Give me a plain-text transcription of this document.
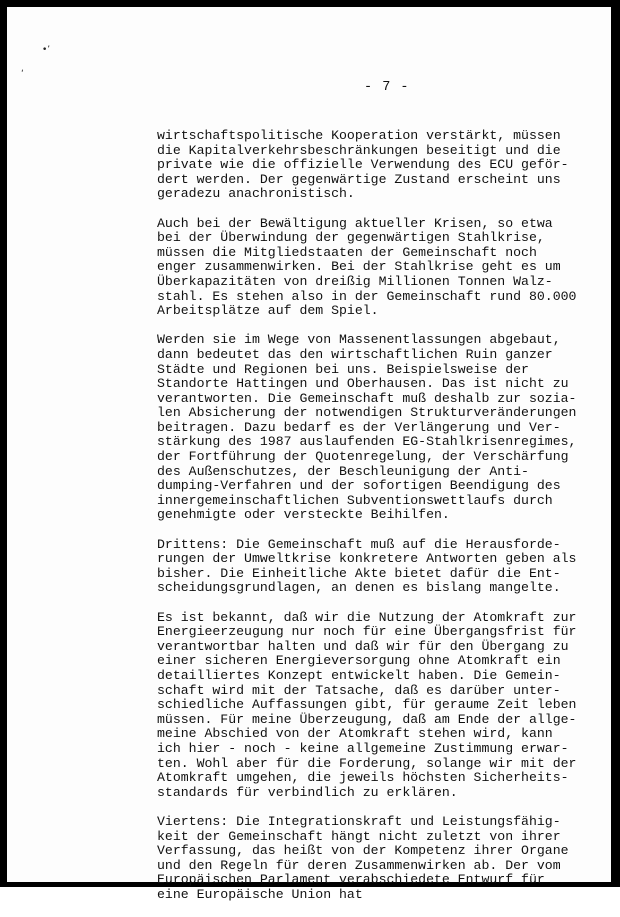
•’
‘
- 7 -
wirtschaftspolitische Kooperation verstärkt, müssen
die Kapitalverkehrsbeschränkungen beseitigt und die
private wie die offizielle Verwendung des ECU geför-
dert werden. Der gegenwärtige Zustand erscheint uns
geradezu anachronistisch.
Auch bei der Bewältigung aktueller Krisen, so etwa
bei der Überwindung der gegenwärtigen Stahlkrise,
müssen die Mitgliedstaaten der Gemeinschaft noch
enger zusammenwirken. Bei der Stahlkrise geht es um
Überkapazitäten von dreißig Millionen Tonnen Walz-
stahl. Es stehen also in der Gemeinschaft rund 80.000
Arbeitsplätze auf dem Spiel.
Werden sie im Wege von Massenentlassungen abgebaut,
dann bedeutet das den wirtschaftlichen Ruin ganzer
Städte und Regionen bei uns. Beispielsweise der
Standorte Hattingen und Oberhausen. Das ist nicht zu
verantworten. Die Gemeinschaft muß deshalb zur sozia-
len Absicherung der notwendigen Strukturveränderungen
beitragen. Dazu bedarf es der Verlängerung und Ver-
stärkung des 1987 auslaufenden EG-Stahlkrisenregimes,
der Fortführung der Quotenregelung, der Verschärfung
des Außenschutzes, der Beschleunigung der Anti-
dumping-Verfahren und der sofortigen Beendigung des
innergemeinschaftlichen Subventionswettlaufs durch
genehmigte oder versteckte Beihilfen.
Drittens: Die Gemeinschaft muß auf die Herausforde-
rungen der Umweltkrise konkretere Antworten geben als
bisher. Die Einheitliche Akte bietet dafür die Ent-
scheidungsgrundlagen, an denen es bislang mangelte.
Es ist bekannt, daß wir die Nutzung der Atomkraft zur
Energieerzeugung nur noch für eine Übergangsfrist für
verantwortbar halten und daß wir für den Übergang zu
einer sicheren Energieversorgung ohne Atomkraft ein
detailliertes Konzept entwickelt haben. Die Gemein-
schaft wird mit der Tatsache, daß es darüber unter-
schiedliche Auffassungen gibt, für geraume Zeit leben
müssen. Für meine Überzeugung, daß am Ende der allge-
meine Abschied von der Atomkraft stehen wird, kann
ich hier - noch - keine allgemeine Zustimmung erwar-
ten. Wohl aber für die Forderung, solange wir mit der
Atomkraft umgehen, die jeweils höchsten Sicherheits-
standards für verbindlich zu erklären.
Viertens: Die Integrationskraft und Leistungsfähig-
keit der Gemeinschaft hängt nicht zuletzt von ihrer
Verfassung, das heißt von der Kompetenz ihrer Organe
und den Regeln für deren Zusammenwirken ab. Der vom
Europäischen Parlament verabschiedete Entwurf für
eine Europäische Union hat
